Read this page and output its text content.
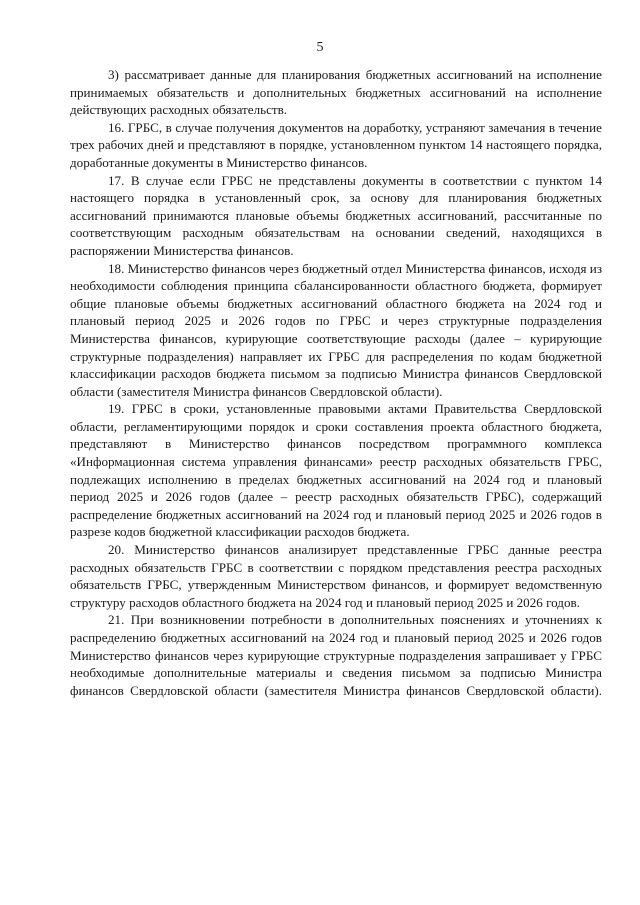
5

3) рассматривает данные для планирования бюджетных ассигнований на исполнение принимаемых обязательств и дополнительных бюджетных ассигнований на исполнение действующих расходных обязательств.

16. ГРБС, в случае получения документов на доработку, устраняют замечания в течение трех рабочих дней и представляют в порядке, установленном пунктом 14 настоящего порядка, доработанные документы в Министерство финансов.

17. В случае если ГРБС не представлены документы в соответствии с пунктом 14 настоящего порядка в установленный срок, за основу для планирования бюджетных ассигнований принимаются плановые объемы бюджетных ассигнований, рассчитанные по соответствующим расходным обязательствам на основании сведений, находящихся в распоряжении Министерства финансов.

18. Министерство финансов через бюджетный отдел Министерства финансов, исходя из необходимости соблюдения принципа сбалансированности областного бюджета, формирует общие плановые объемы бюджетных ассигнований областного бюджета на 2024 год и плановый период 2025 и 2026 годов по ГРБС и через структурные подразделения Министерства финансов, курирующие соответствующие расходы (далее – курирующие структурные подразделения) направляет их ГРБС для распределения по кодам бюджетной классификации расходов бюджета письмом за подписью Министра финансов Свердловской области (заместителя Министра финансов Свердловской области).

19. ГРБС в сроки, установленные правовыми актами Правительства Свердловской области, регламентирующими порядок и сроки составления проекта областного бюджета, представляют в Министерство финансов посредством программного комплекса «Информационная система управления финансами» реестр расходных обязательств ГРБС, подлежащих исполнению в пределах бюджетных ассигнований на 2024 год и плановый период 2025 и 2026 годов (далее – реестр расходных обязательств ГРБС), содержащий распределение бюджетных ассигнований на 2024 год и плановый период 2025 и 2026 годов в разрезе кодов бюджетной классификации расходов бюджета.

20. Министерство финансов анализирует представленные ГРБС данные реестра расходных обязательств ГРБС в соответствии с порядком представления реестра расходных обязательств ГРБС, утвержденным Министерством финансов, и формирует ведомственную структуру расходов областного бюджета на 2024 год и плановый период 2025 и 2026 годов.

21. При возникновении потребности в дополнительных пояснениях и уточнениях к распределению бюджетных ассигнований на 2024 год и плановый период 2025 и 2026 годов Министерство финансов через курирующие структурные подразделения запрашивает у ГРБС необходимые дополнительные материалы и сведения письмом за подписью Министра финансов Свердловской области (заместителя Министра финансов Свердловской области).
